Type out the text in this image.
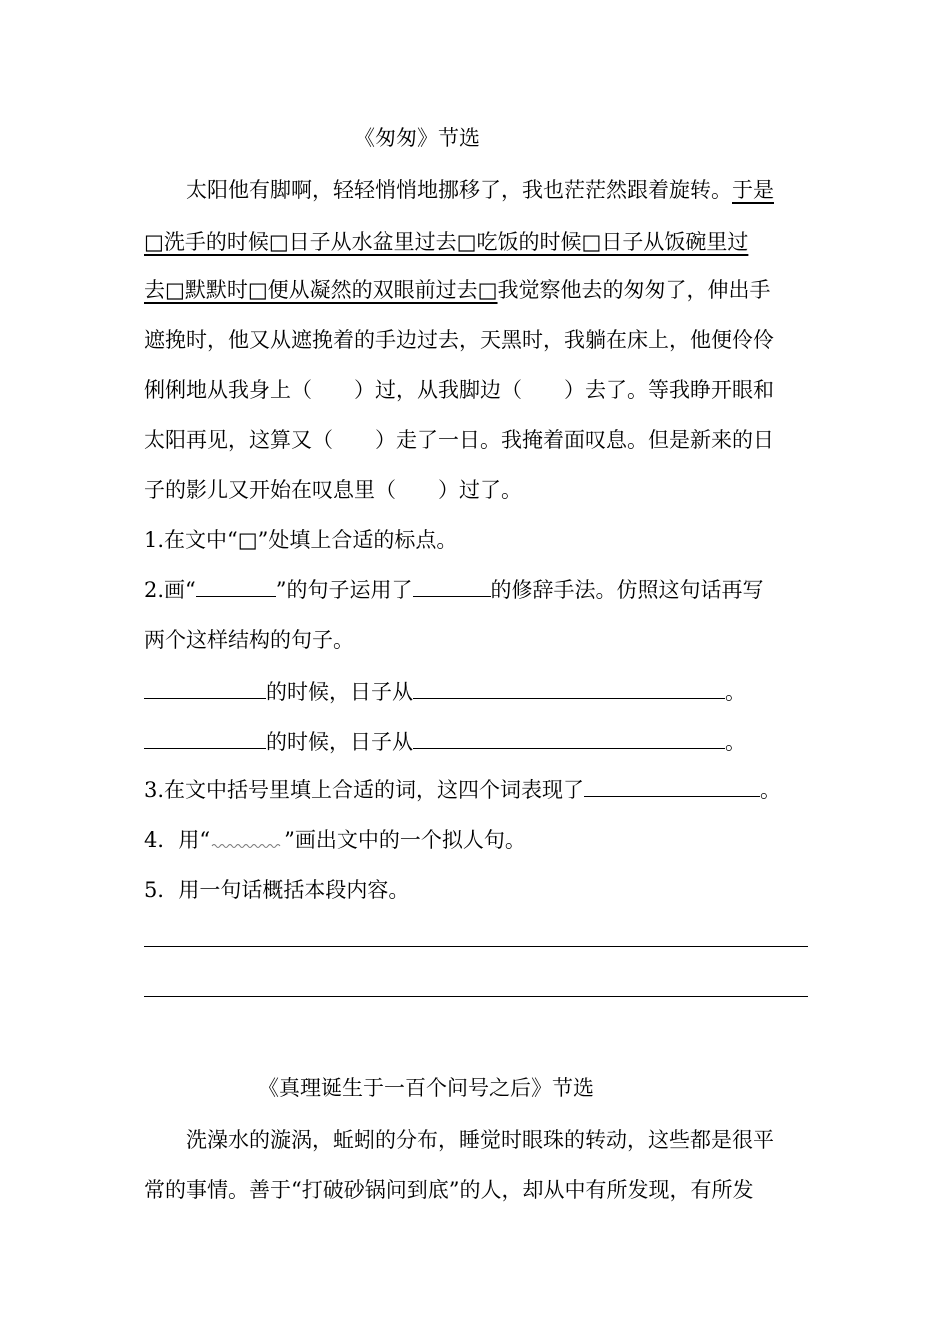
《匆匆》节选
太阳他有脚啊，轻轻悄悄地挪移了，我也茫茫然跟着旋转。于是
□洗手的时候□日子从水盆里过去□吃饭的时候□日子从饭碗里过
去□默默时□便从凝然的双眼前过去□我觉察他去的匆匆了，伸出手
遮挽时，他又从遮挽着的手边过去，天黑时，我躺在床上，他便伶伶
俐俐地从我身上（　　）过，从我脚边（　　）去了。等我睁开眼和
太阳再见，这算又（　　）走了一日。我掩着面叹息。但是新来的日
子的影儿又开始在叹息里（　　）过了。
1.在文中“□”处填上合适的标点。
2.画“	”的句子运用了	的修辞手法。仿照这句话再写
两个这样结构的句子。
的时候，日子从	。
的时候，日子从	。
3.在文中括号里填上合适的词，这四个词表现了	。
4．用“	”画出文中的一个拟人句。
5．用一句话概括本段内容。
《真理诞生于一百个问号之后》节选
洗澡水的漩涡，蚯蚓的分布，睡觉时眼珠的转动，这些都是很平
常的事情。善于“打破砂锅问到底”的人，却从中有所发现，有所发
